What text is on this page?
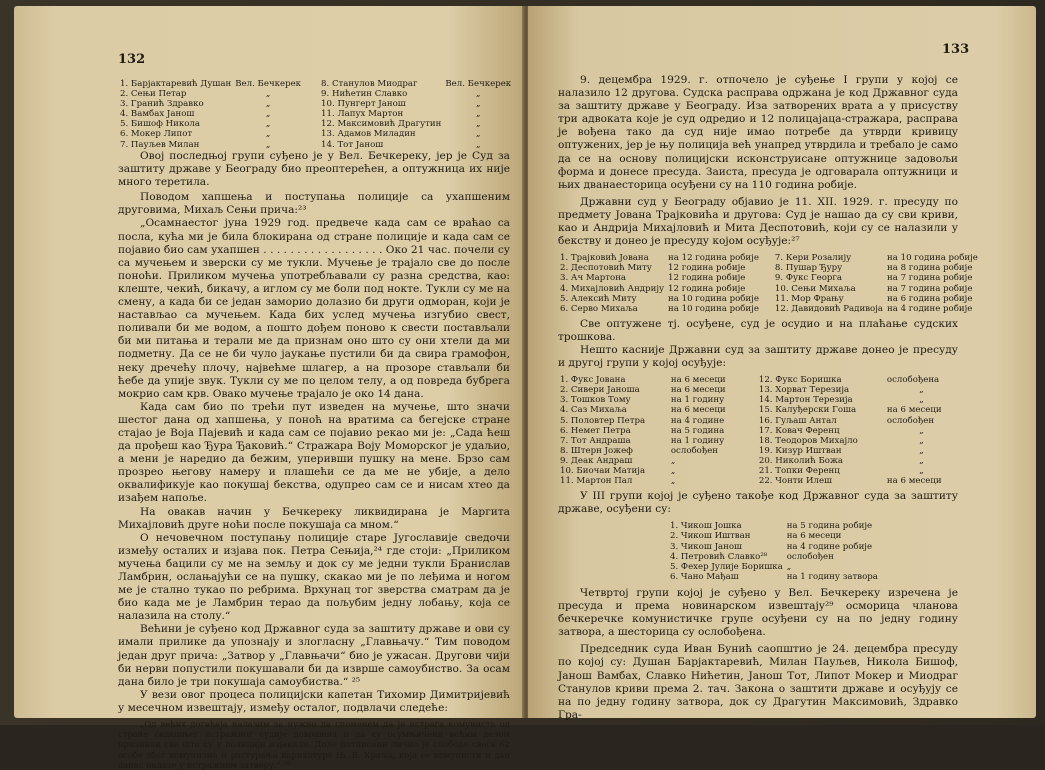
132
1. Барјактаревић Душан	Вел. Бечкерек	8. Станулов Миодраг	Вел. Бечкерек
2. Сењи Петар	„	9. Нићетин Славко	„
3. Гранић Здравко	„	10. Пунгерт Јанош	„
4. Вамбах Јанош	„	11. Лапух Мартон	„
5. Бишоф Никола	„	12. Максимовић Драгутин	„
6. Мокер Липот	„	13. Адамов Миладин	„
7. Пауљев Милан	„	14. Тот Јанош	„

Овој последњој групи суђено је у Вел. Бечкереку, јер је Суд за заштиту државе у Београду био преоптерећен, а оптужница их није много теретила.

Поводом хапшења и поступања полиције са ухапшеним друговима, Михаљ Сењи прича:²³

„Осамнаестог јуна 1929 год. предвече када сам се враћао са посла, кућа ми је била блокирана од стране полиције и када сам се појавио био сам ухапшен . . . . . . . . . . . . . . . . . . Око 21 час. почели су са мучењем и зверски су ме тукли. Мучење је трајало све до после поноћи. Приликом мучења употребљавали су разна средства, као: клеште, чекић, бикачу, а иглом су ме боли под нокте. Тукли су ме на смену, а када би се један заморио долазио би други одморан, који је настављао са мучењем. Када бих услед мучења изгубио свест, поливали би ме водом, а пошто дођем поново к свести постављали би ми питања и терали ме да признам оно што су они хтели да ми подметну. Да се не би чуло јаукање пустили би да свира грамофон, неку дречећу плочу, највећме шлагер, а на прозоре стављали би ћебе да упије звук. Тукли су ме по целом телу, а од повреда бубрега мокрио сам крв. Овако мучење трајало је око 14 дана.

Када сам био по трећи пут изведен на мучење, што значи шестог дана од хапшења, у поноћ на вратима са бегејске стране стајао је Воја Пајевић и када сам се појавио рекао ми је: „Сада ћеш да прођеш као Ђура Ђаковић.“ Стражара Воју Моморског је удаљио, а мени је наредио да бежим, уперивши пушку на мене. Брзо сам прозрео његову намеру и плашећи се да ме не убије, а дело оквалификује као покушај бекства, одупрео сам се и нисам хтео да изађем напоље.

На овакав начин у Бечкереку ликвидирана је Маргита Михајловић друге ноћи после покушаја са мном.“

О нечовечном поступању полиције старе Југославије сведочи између осталих и изјава пок. Петра Сењија,²⁴ где стоји: „Приликом мучења бацили су ме на земљу и док су ме једни тукли Бранислав Ламбрин, ослањајући се на пушку, скакао ми је по леђима и ногом ме је стално тукао по ребрима. Врхунац тог зверства сматрам да је био када ме је Ламбрин терао да пољубим једну лобању, која се налазила на столу.“

Већини је суђено код Државног суда за заштиту државе и ови су имали прилике да упознају и злогласну „Главњачу.“ Тим поводом један друг прича: „Затвор у „Главњачи“ био је ужасан. Другови чији би нерви попустили покушавали би да изврше самоубиство. За осам дана било је три покушаја самоубиства.“ ²⁵

У вези овог процеса полицијски капетан Тихомир Димитријевић у месечном извештају, између осталог, подвлачи следеће:

„Од већих догађаја налазим за нужно да споменем да је истрага комуниста од стране садашњег истражног судије довршена и да су осумњичени већим делом признали све што су у полицији изјавили. Доле потписани лично је слободе свега 62 особе због комунизма и растурања карикатуре Њ. В. Краља, која се комунисти и дан данас налазе у истражном затвору.“ ²⁶

133

9. децембра 1929. г. отпочело је суђење I групи у којој се налазило 12 другова. Судска расправа одржана је код Државног суда за заштиту државе у Београду. Иза затворених врата а у присуству три адвоката које је суд одредио и 12 полицајаца-стражара, расправа је вођена тако да суд није имао потребе да утврди кривицу оптужених, јер је њу полиција већ унапред утврдила и требало је само да се на основу полицијски исконструисане оптужнице задовољи форма и донесе пресуда. Заиста, пресуда је одговарала оптужници и њих дванаесторица осуђени су на 110 година робије.

Државни суд у Београду објавио је 11. XII. 1929. г. пресуду по предмету Јована Трајковића и другова: Суд је нашао да су сви криви, као и Андрија Михајловић и Мита Деспотовић, који су се налазили у бекству и донео је пресуду којом осуђује:²⁷

1. Трајковић Јована	на 12 година робије	7. Кери Розалију	на 10 година робије
2. Деспотовић Миту	12 година робије	8. Пушар Ђуру	на 8 година робије
3. Ач Мартона	12 година робије	9. Фукс Георга	на 7 година робије
4. Михајловић Андрију	12 година робије	10. Сењи Михаља	на 7 година робије
5. Алексић Миту	на 10 година робије	11. Мор Фрању	на 6 година робије
6. Серво Михаља	на 10 година робије	12. Давидовић Радивоја	на 4 године робије

Све оптужене тј. осуђене, суд је осудио и на плаћање судских трошкова.

Нешто касније Државни суд за заштиту државе донео је пресуду и другој групи у којој осуђује:

1. Фукс Јована	на 6 месеци	12. Фукс Боришка	ослобођена
2. Сивери Јаноша	на 6 месеци	13. Хорват Терезија	„
3. Тошков Тому	на 1 годину	14. Мартон Терезија	„
4. Саз Михаља	на 6 месеци	15. Калуђерски Гоша	на 6 месеци
5. Половтер Петра	на 4 године	16. Гуљаш Антал	ослобођен
6. Немет Петра	на 5 година	17. Ковач Ференц	„
7. Тот Андраша	на 1 годину	18. Теодоров Михајло	„
8. Штерн Јожеф	ослобођен	19. Кизур Иштван	„
9. Деак Андраш	„	20. Николић Божа	„
10. Биочаи Матија	„	21. Топки Ференц	„
11. Мартон Пал	„	22. Чонти Илеш	на 6 месеци

У III групи којој је суђено такође код Државног суда за заштиту државе, осуђени су:

1. Чикош Јошка	на 5 година робије
2. Чикош Иштван	на 6 месеци
3. Чикош Јанош	на 4 године робије
4. Петровић Славко²⁸	ослобођен
5. Фехер Јулије Боришка	„
6. Чано Мађаш	на 1 годину затвора

Четвртој групи којој је суђено у Вел. Бечкереку изречена је пресуда и према новинарском извештају²⁹ осморица чланова бечкеречке комунистичке групе осуђени су на по једну годину затвора, а шесторица су ослобођена.

Председник суда Иван Бунић саопштио је 24. децембра пресуду по којој су: Душан Барјактаревић, Милан Пауљев, Никола Бишоф, Јанош Вамбах, Славко Нићетин, Јанош Тот, Липот Мокер и Миодраг Станулов криви према 2. тач. Закона о заштити државе и осуђују се на по једну годину затвора, док су Драгутин Максимовић, Здравко Гра-
